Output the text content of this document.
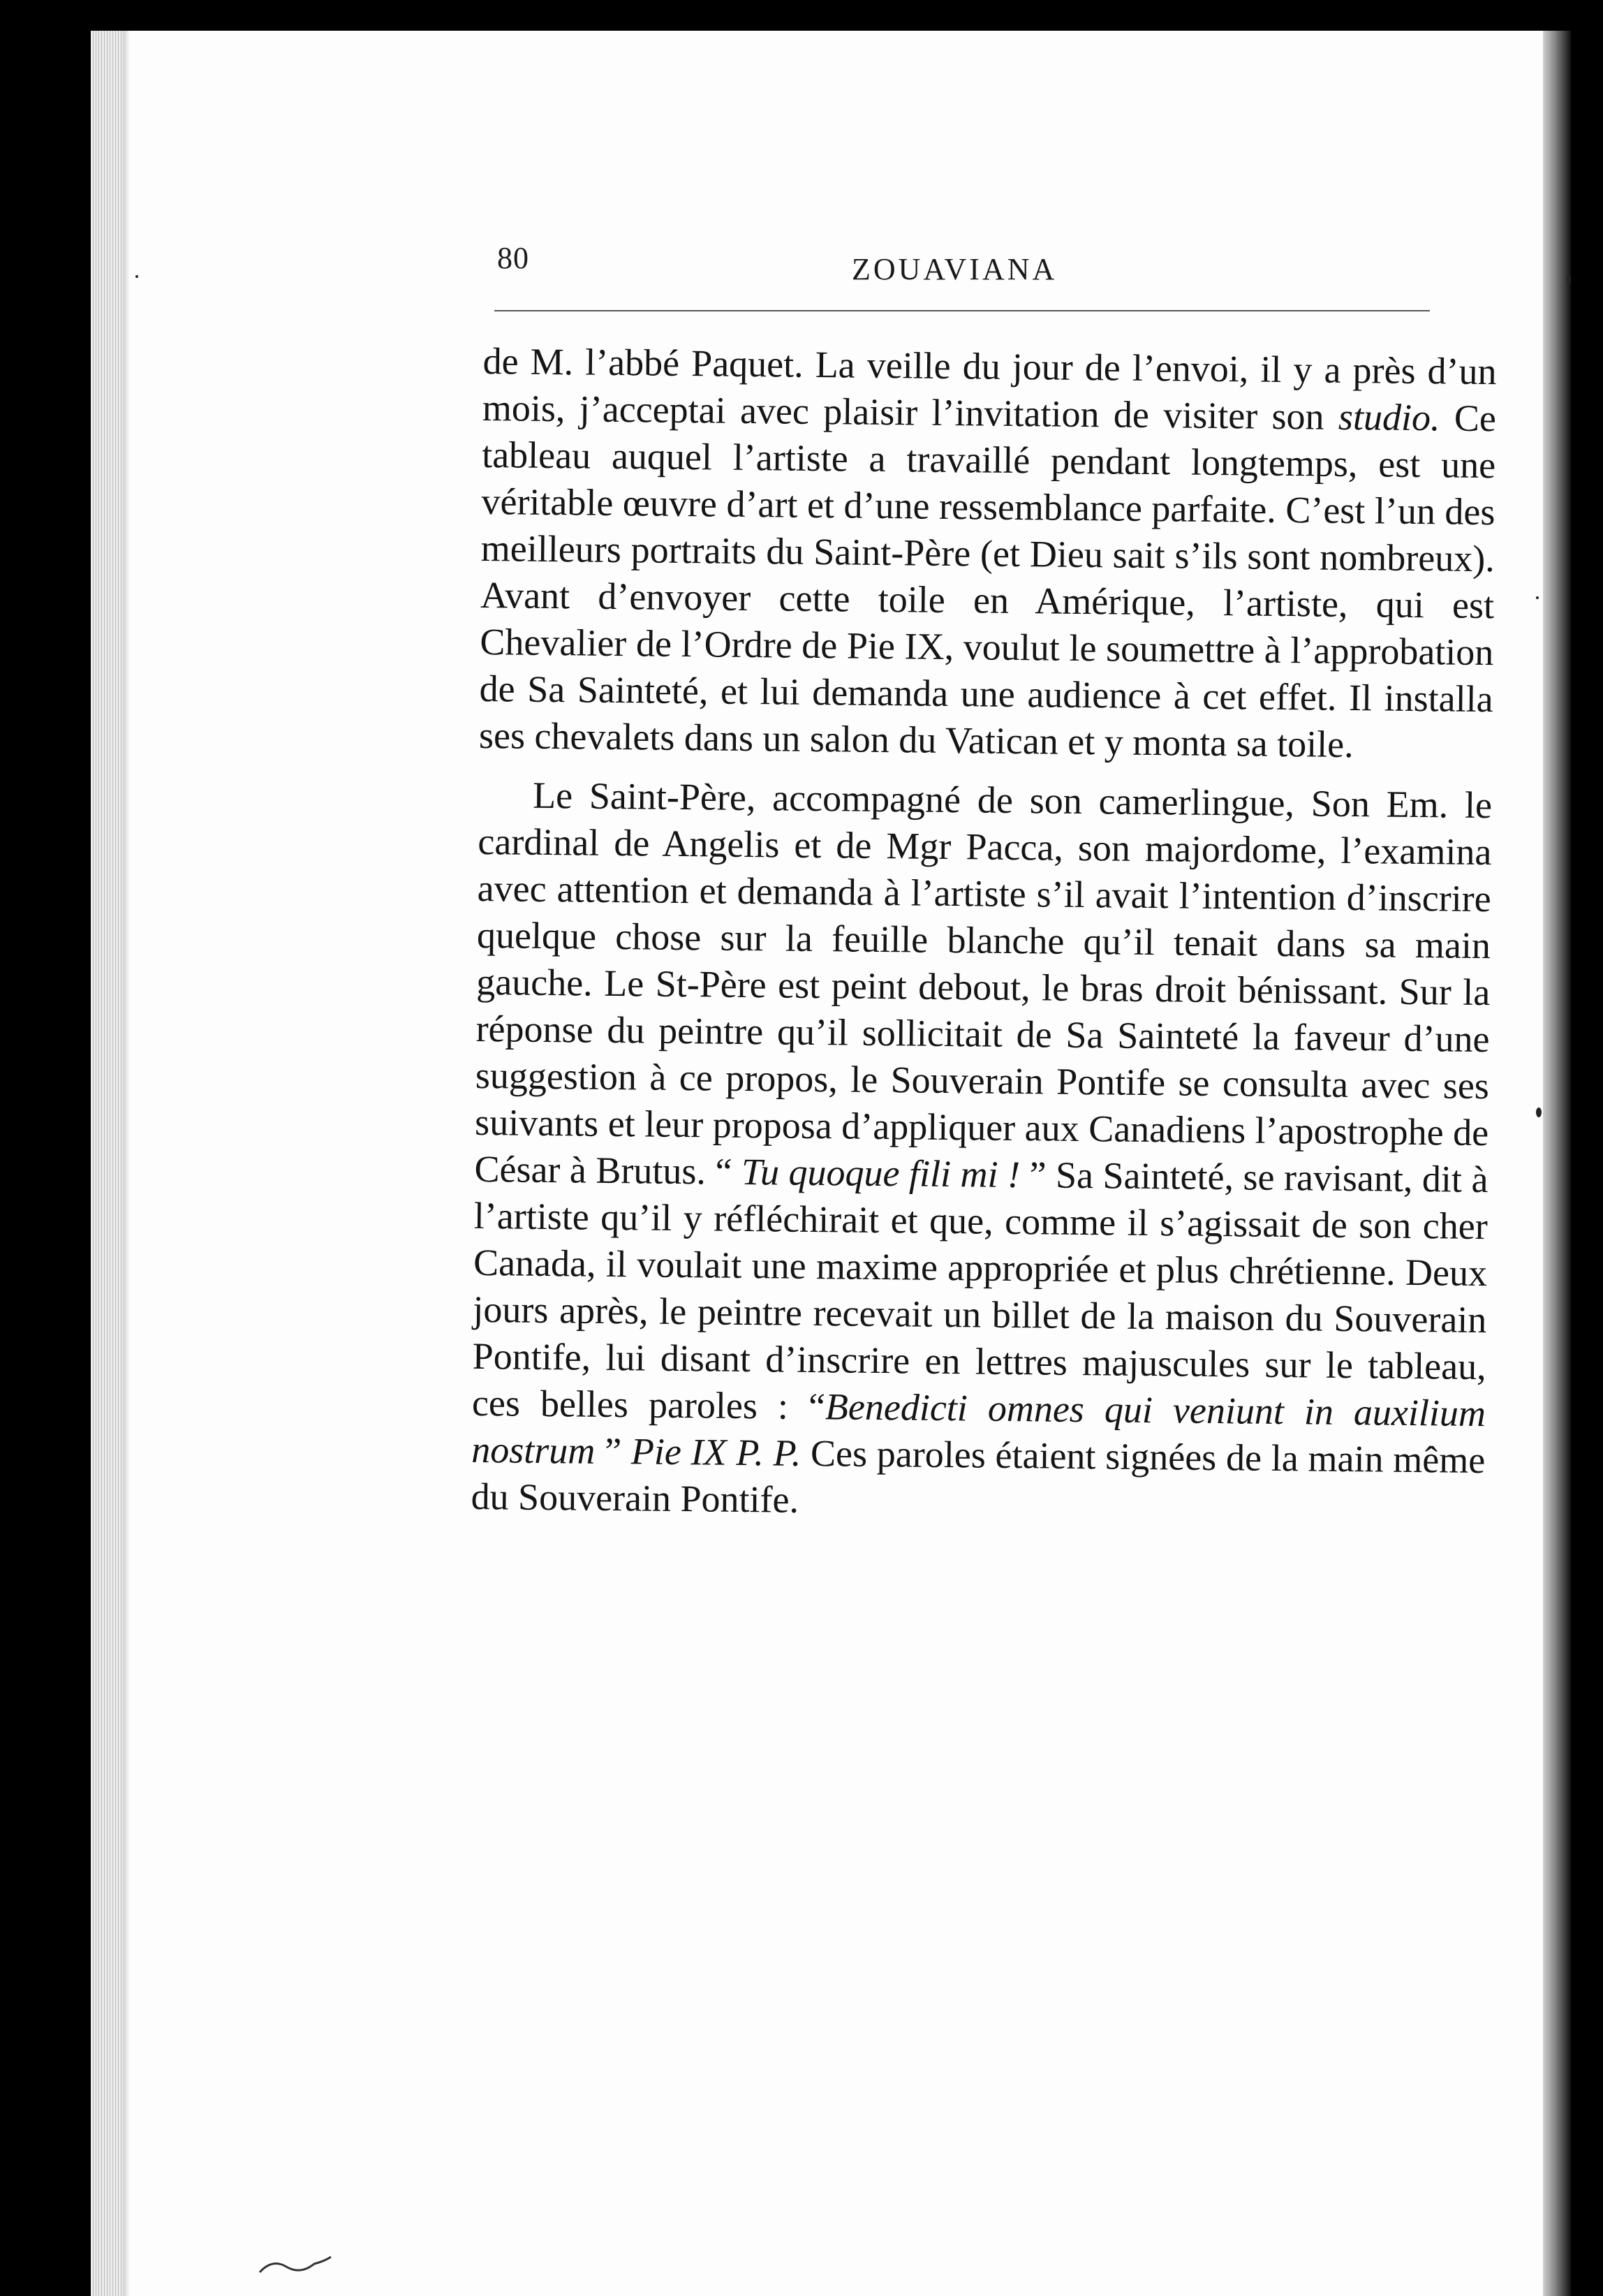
80	ZOUAVIANA

de M. l’abbé Paquet. La veille du jour de l’envoi, il y a près d’un mois, j’acceptai avec plaisir l’invitation de visiter son studio. Ce tableau auquel l’artiste a travaillé pendant longtemps, est une véritable œuvre d’art et d’une ressemblance parfaite. C’est l’un des meilleurs portraits du Saint-Père (et Dieu sait s’ils sont nombreux). Avant d’envoyer cette toile en Amérique, l’artiste, qui est Chevalier de l’Ordre de Pie IX, voulut le soumettre à l’approbation de Sa Sainteté, et lui demanda une audience à cet effet. Il installa ses chevalets dans un salon du Vatican et y monta sa toile.

Le Saint-Père, accompagné de son camerlingue, Son Em. le cardinal de Angelis et de Mgr Pacca, son majordome, l’examina avec attention et demanda à l’artiste s’il avait l’intention d’inscrire quelque chose sur la feuille blanche qu’il tenait dans sa main gauche. Le St-Père est peint debout, le bras droit bénissant. Sur la réponse du peintre qu’il sollicitait de Sa Sainteté la faveur d’une suggestion à ce propos, le Souverain Pontife se consulta avec ses suivants et leur proposa d’appliquer aux Canadiens l’apostrophe de César à Brutus. “ Tu quoque fili mi ! ” Sa Sainteté, se ravisant, dit à l’artiste qu’il y réfléchirait et que, comme il s’agissait de son cher Canada, il voulait une maxime appropriée et plus chrétienne. Deux jours après, le peintre recevait un billet de la maison du Souverain Pontife, lui disant d’inscrire en lettres majuscules sur le tableau, ces belles paroles : “Benedicti omnes qui veniunt in auxilium nostrum ” Pie IX P. P. Ces paroles étaient signées de la main même du Souverain Pontife.
